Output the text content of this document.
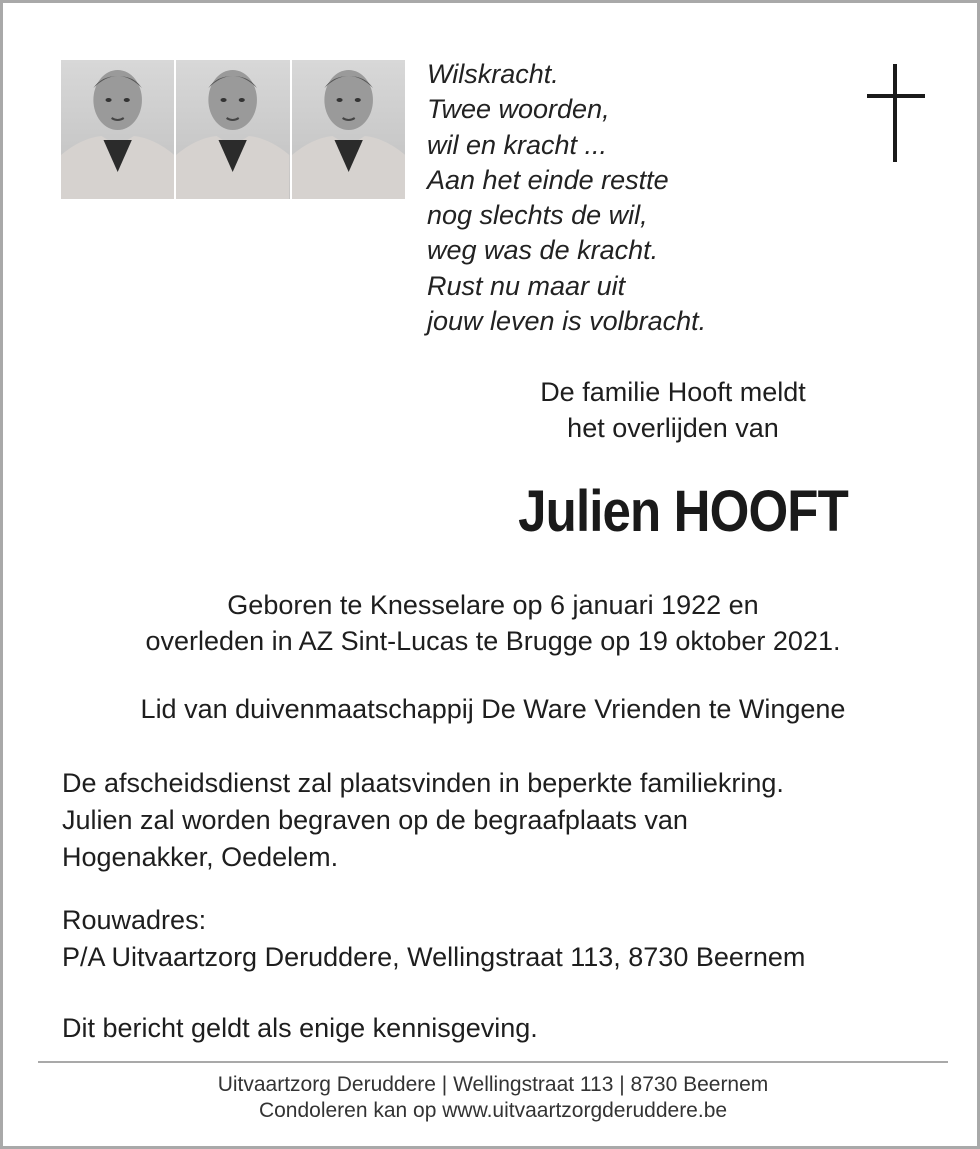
Wilskracht.
Twee woorden,
wil en kracht ...
Aan het einde restte
nog slechts de wil,
weg was de kracht.
Rust nu maar uit
jouw leven is volbracht.
De familie Hooft meldt
het overlijden van
Julien HOOFT
Geboren te Knesselare op 6 januari 1922 en
overleden in AZ Sint-Lucas te Brugge op 19 oktober 2021.
Lid van duivenmaatschappij De Ware Vrienden te Wingene
De afscheidsdienst zal plaatsvinden in beperkte familiekring.
Julien zal worden begraven op de begraafplaats van
Hogenakker, Oedelem.
Rouwadres:
P/A Uitvaartzorg Deruddere, Wellingstraat 113, 8730 Beernem
Dit bericht geldt als enige kennisgeving.
Uitvaartzorg Deruddere | Wellingstraat 113 | 8730 Beernem
Condoleren kan op www.uitvaartzorgderuddere.be
